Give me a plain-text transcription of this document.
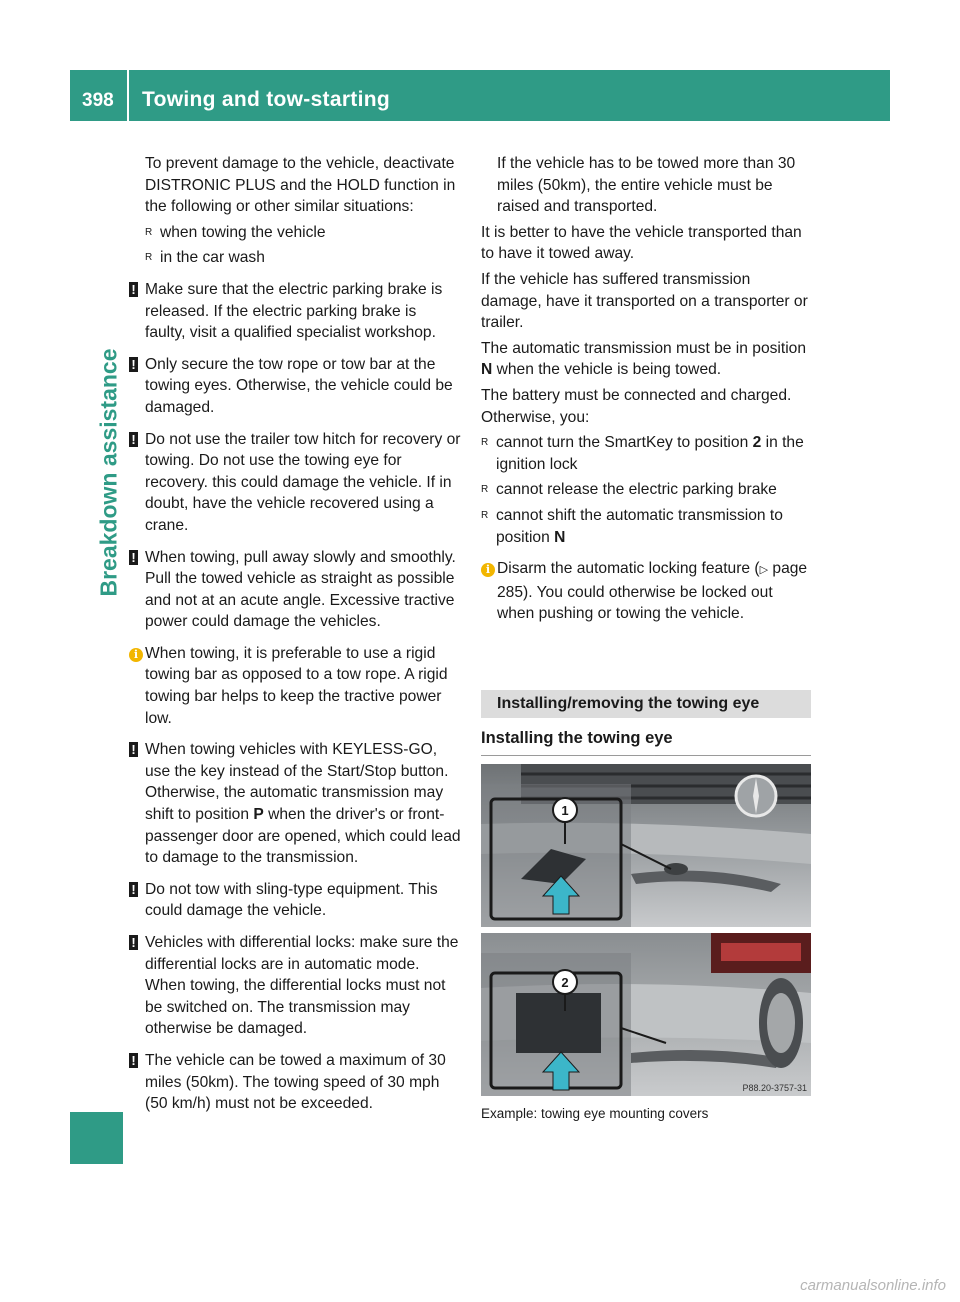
398 Towing and tow-starting
Breakdown assistance

To prevent damage to the vehicle, deactivate DISTRONIC PLUS and the HOLD function in the following or other similar situations:

R when towing the vehicle
R in the car wash
! Make sure that the electric parking brake is released. If the electric parking brake is faulty, visit a qualified specialist workshop.
! Only secure the tow rope or tow bar at the towing eyes. Otherwise, the vehicle could be damaged.
! Do not use the trailer tow hitch for recovery or towing. Do not use the towing eye for recovery. this could damage the vehicle. If in doubt, have the vehicle recovered using a crane.
! When towing, pull away slowly and smoothly. Pull the towed vehicle as straight as possible and not at an acute angle. Excessive tractive power could damage the vehicles.
i When towing, it is preferable to use a rigid towing bar as opposed to a tow rope. A rigid towing bar helps to keep the tractive power low.
! When towing vehicles with KEYLESS-GO, use the key instead of the Start/Stop button. Otherwise, the automatic transmission may shift to position P when the driver's or front-passenger door are opened, which could lead to damage to the transmission.
! Do not tow with sling-type equipment. This could damage the vehicle.
! Vehicles with differential locks: make sure the differential locks are in automatic mode. When towing, the differential locks must not be switched on. The transmission may otherwise be damaged.
! The vehicle can be towed a maximum of 30 miles (50km). The towing speed of 30 mph (50 km/h) must not be exceeded.

If the vehicle has to be towed more than 30 miles (50km), the entire vehicle must be raised and transported.

It is better to have the vehicle transported than to have it towed away.

If the vehicle has suffered transmission damage, have it transported on a transporter or trailer.

The automatic transmission must be in position N when the vehicle is being towed.

The battery must be connected and charged. Otherwise, you:

R cannot turn the SmartKey to position 2 in the ignition lock
R cannot release the electric parking brake
R cannot shift the automatic transmission to position N
i Disarm the automatic locking feature (▷ page 285). You could otherwise be locked out when pushing or towing the vehicle.
Installing/removing the towing eye
Installing the towing eye
1
2
P88.20-3757-31
Example: towing eye mounting covers
carmanualsonline.info
